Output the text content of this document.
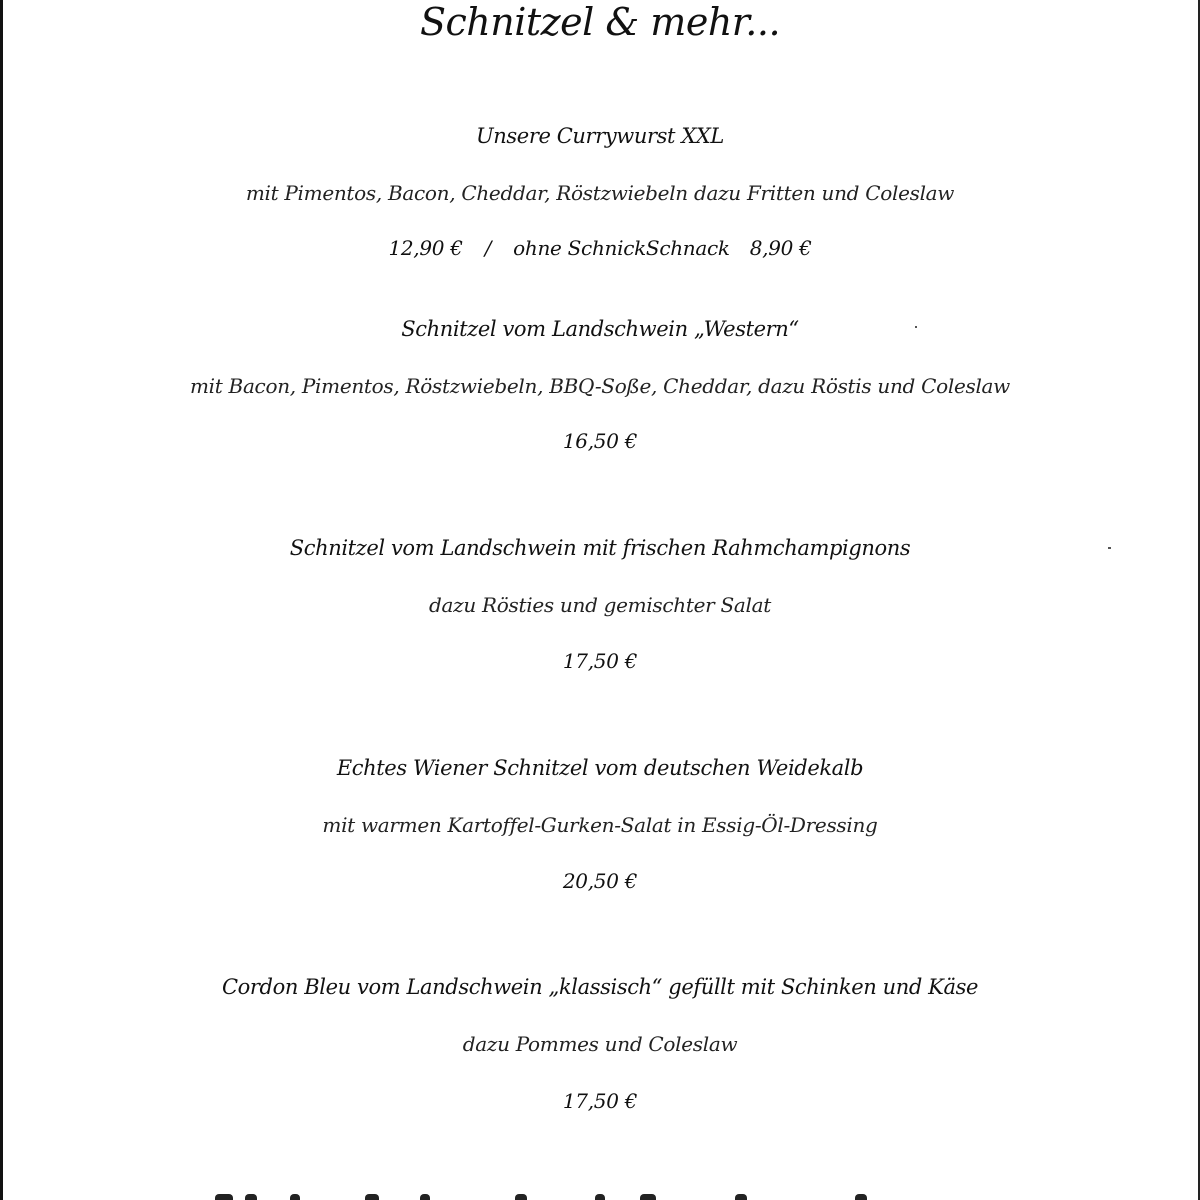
Schnitzel & mehr...
Unsere Currywurst XXL
mit Pimentos, Bacon, Cheddar, Röstzwiebeln dazu Fritten und Coleslaw
12,90 € / ohne SchnickSchnack 8,90 €
Schnitzel vom Landschwein „Western“
mit Bacon, Pimentos, Röstzwiebeln, BBQ-Soße, Cheddar, dazu Röstis und Coleslaw
16,50 €
Schnitzel vom Landschwein mit frischen Rahmchampignons
dazu Rösties und gemischter Salat
17,50 €
Echtes Wiener Schnitzel vom deutschen Weidekalb
mit warmen Kartoffel-Gurken-Salat in Essig-Öl-Dressing
20,50 €
Cordon Bleu vom Landschwein „klassisch“ gefüllt mit Schinken und Käse
dazu Pommes und Coleslaw
17,50 €
